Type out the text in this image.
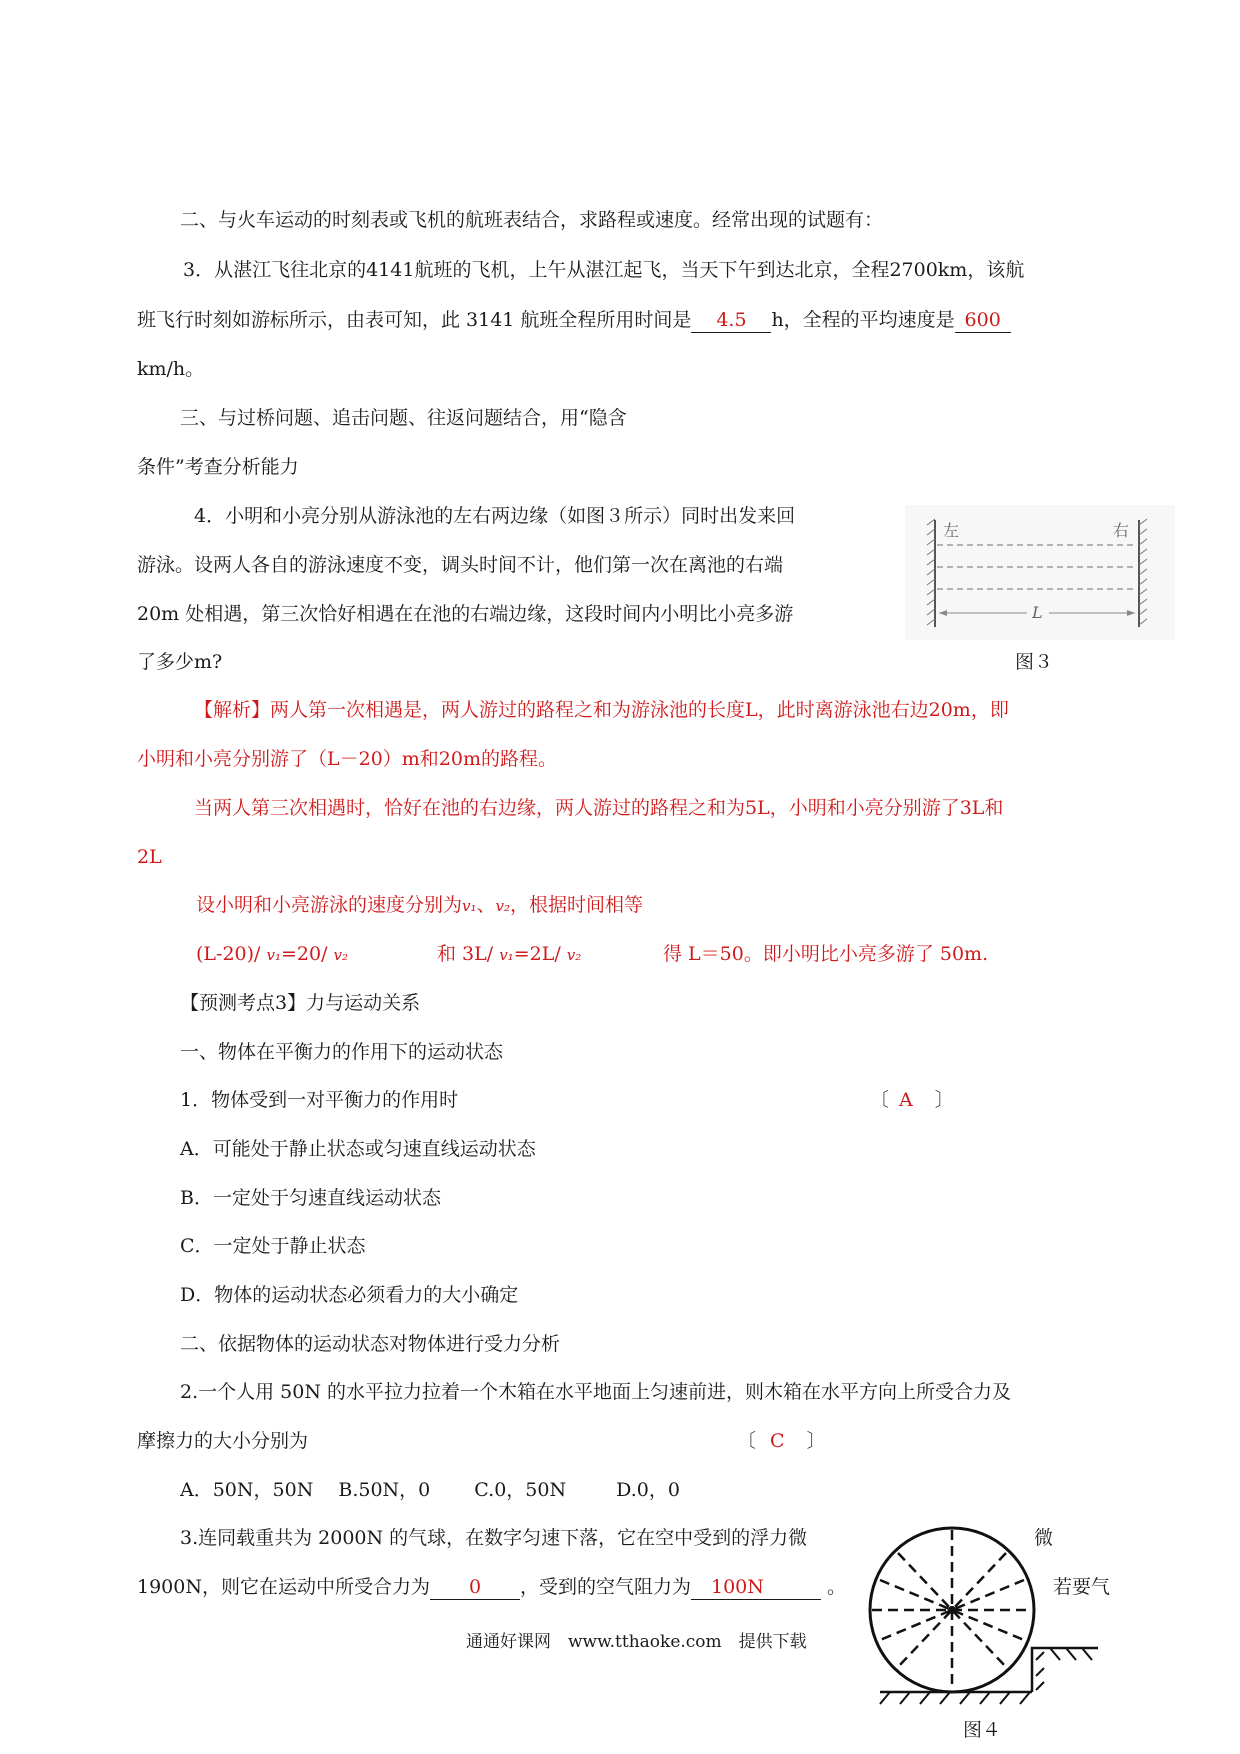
二、与火车运动的时刻表或飞机的航班表结合，求路程或速度。经常出现的试题有：
3．从湛江飞往北京的4141航班的飞机，上午从湛江起飞，当天下午到达北京，全程2700km，该航
班飞行时刻如游标所示，由表可知，此 3141 航班全程所用时间是 4.5 h，全程的平均速度是 600
km/h。
三、与过桥问题、追击问题、往返问题结合，用“隐含
条件”考查分析能力
4．小明和小亮分别从游泳池的左右两边缘（如图３所示）同时出发来回
游泳。设两人各自的游泳速度不变，调头时间不计，他们第一次在离池的右端
20m 处相遇，第三次恰好相遇在在池的右端边缘，这段时间内小明比小亮多游
了多少m?
左	右
L
图３
【解析】两人第一次相遇是，两人游过的路程之和为游泳池的长度L，此时离游泳池右边20m，即
小明和小亮分别游了（L－20）m和20m的路程。
当两人第三次相遇时，恰好在池的右边缘，两人游过的路程之和为5L，小明和小亮分别游了3L和
2L
设小明和小亮游泳的速度分别为v₁、v₂，根据时间相等
(L-20)/ v₁=20/ v₂	和 3L/ v₁=2L/ v₂	得 L＝50。即小明比小亮多游了 50m.
【预测考点3】力与运动关系
一、物体在平衡力的作用下的运动状态
1．物体受到一对平衡力的作用时	〔 A 〕
A．可能处于静止状态或匀速直线运动状态
B．一定处于匀速直线运动状态
C．一定处于静止状态
D．物体的运动状态必须看力的大小确定
二、依据物体的运动状态对物体进行受力分析
2.一个人用 50N 的水平拉力拉着一个木箱在水平地面上匀速前进，则木箱在水平方向上所受合力及
摩擦力的大小分别为	〔 C 〕
A．50N，50N　 B.50N，0　 　C.0，50N　 　 D.0，0
3.连同载重共为 2000N 的气球，在数字匀速下落，它在空中受到的浮力微	微
1900N，则它在运动中所受合力为 0 ，受到的空气阻力为 100N	。	若要气
图４
通通好课网　www.tthaoke.com　提供下载
